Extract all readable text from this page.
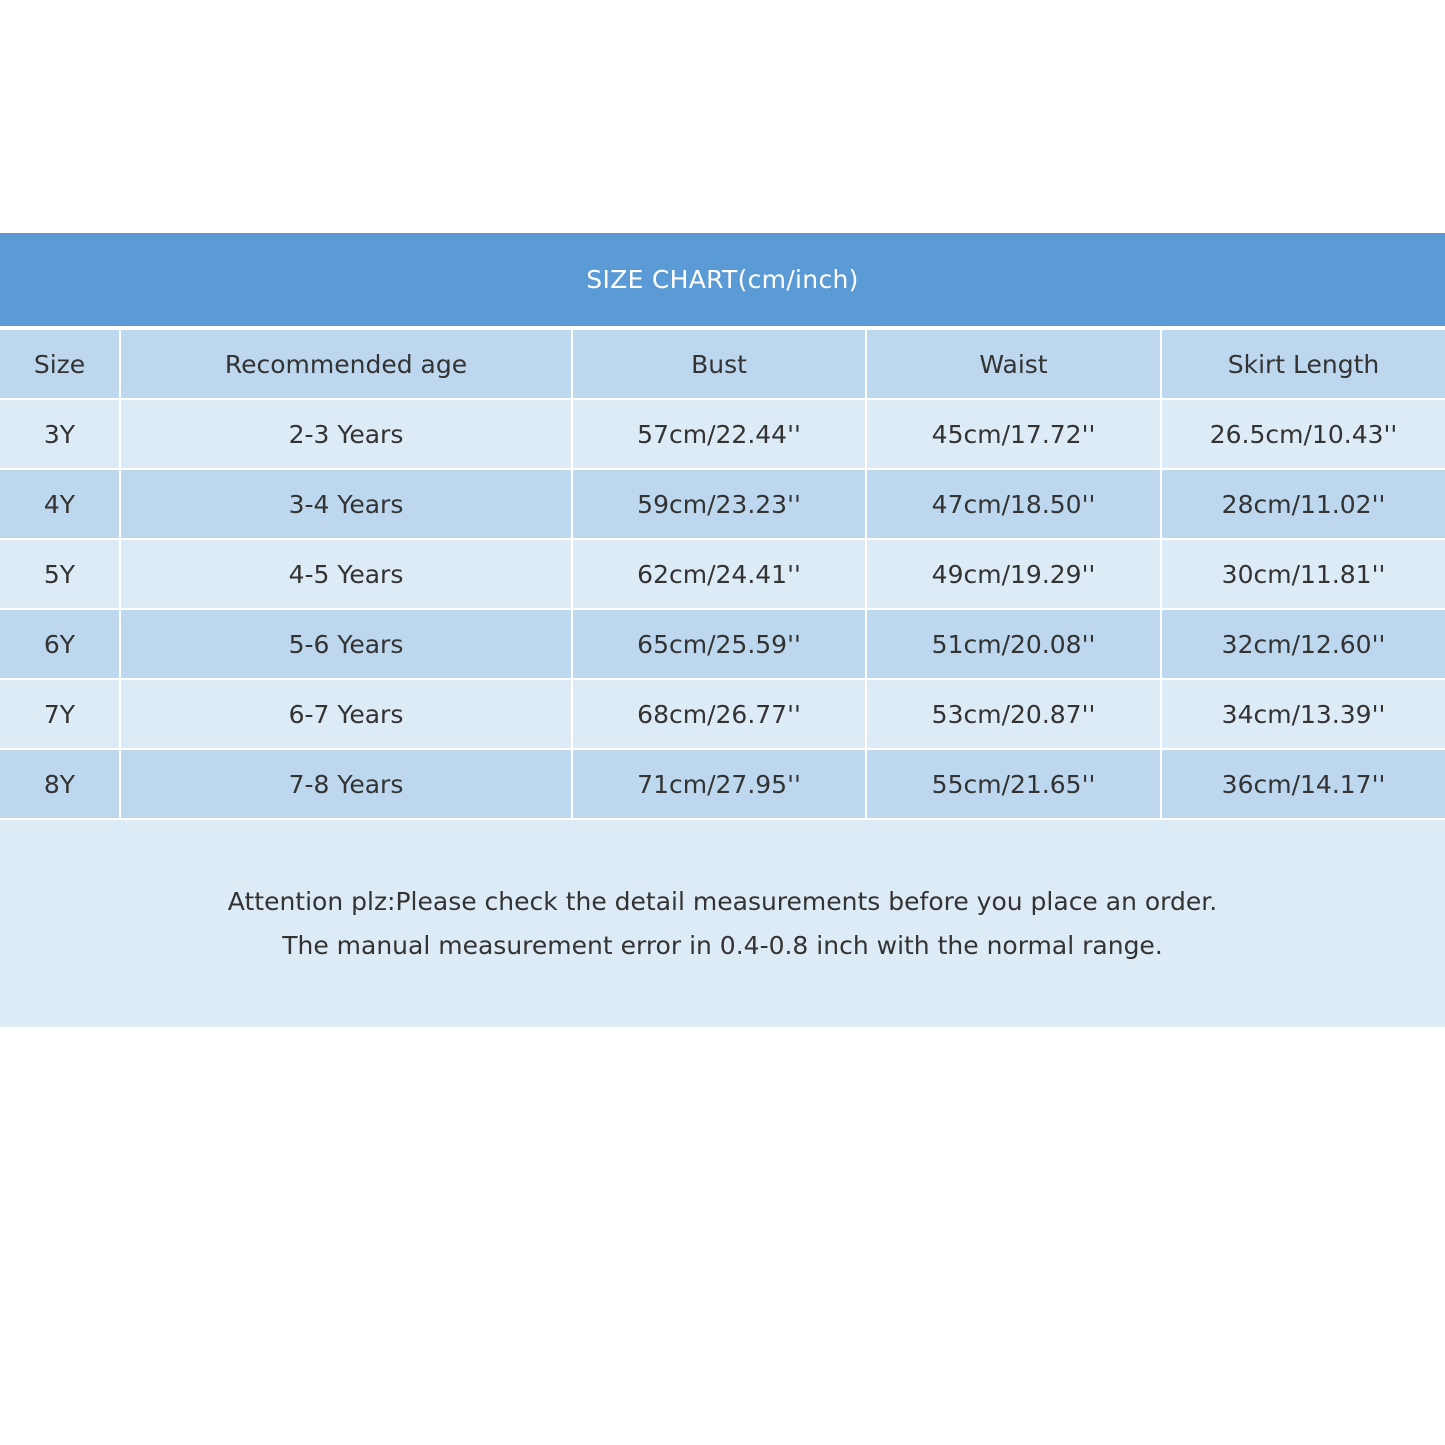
SIZE CHART(cm/inch)
Size	Recommended age	Bust	Waist	Skirt Length
3Y	2-3 Years	57cm/22.44''	45cm/17.72''	26.5cm/10.43''
4Y	3-4 Years	59cm/23.23''	47cm/18.50''	28cm/11.02''
5Y	4-5 Years	62cm/24.41''	49cm/19.29''	30cm/11.81''
6Y	5-6 Years	65cm/25.59''	51cm/20.08''	32cm/12.60''
7Y	6-7 Years	68cm/26.77''	53cm/20.87''	34cm/13.39''
8Y	7-8 Years	71cm/27.95''	55cm/21.65''	36cm/14.17''
Attention plz:Please check the detail measurements before you place an order.
The manual measurement error in 0.4-0.8 inch with the normal range.
